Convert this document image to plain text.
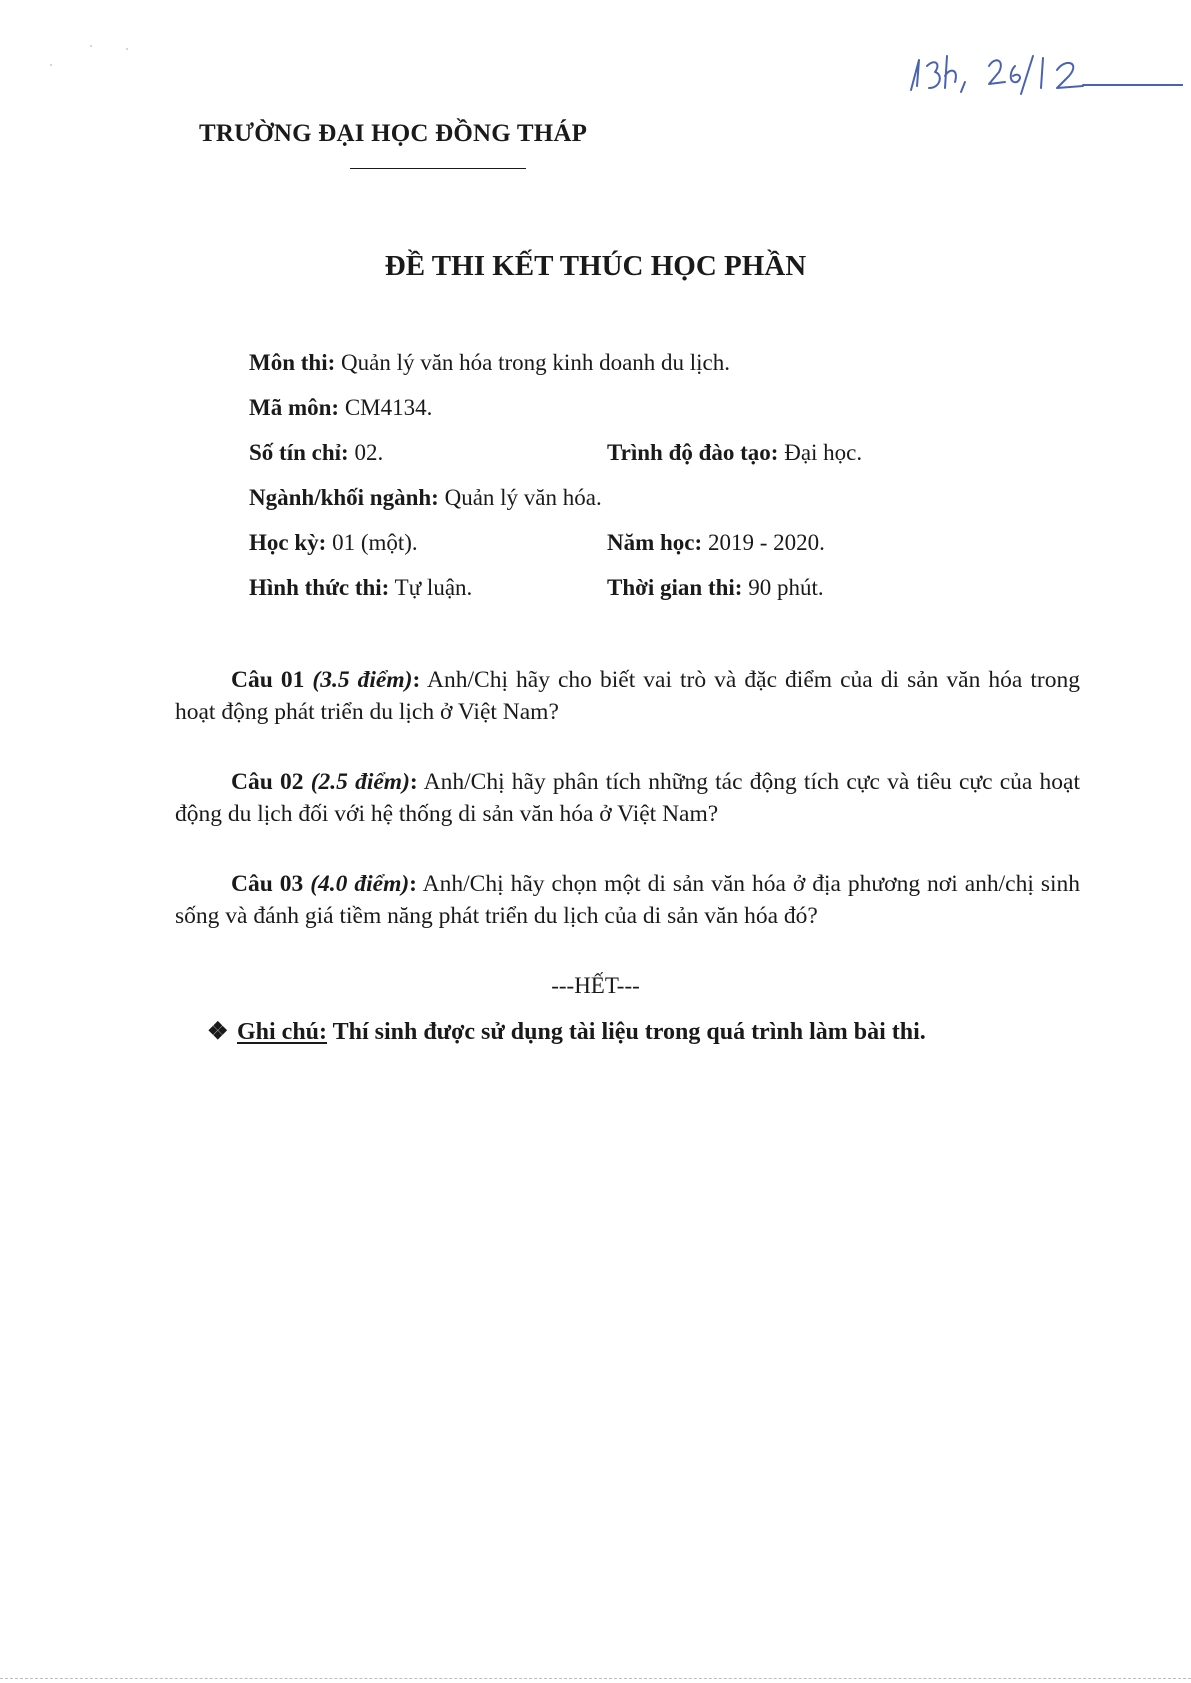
TRƯỜNG ĐẠI HỌC ĐỒNG THÁP
ĐỀ THI KẾT THÚC HỌC PHẦN
Môn thi: Quản lý văn hóa trong kinh doanh du lịch.
Mã môn: CM4134.
Số tín chỉ: 02.	Trình độ đào tạo: Đại học.
Ngành/khối ngành: Quản lý văn hóa.
Học kỳ: 01 (một).	Năm học: 2019 - 2020.
Hình thức thi: Tự luận.	Thời gian thi: 90 phút.
Câu 01 (3.5 điểm): Anh/Chị hãy cho biết vai trò và đặc điểm của di sản văn hóa trong hoạt động phát triển du lịch ở Việt Nam?
Câu 02 (2.5 điểm): Anh/Chị hãy phân tích những tác động tích cực và tiêu cực của hoạt động du lịch đối với hệ thống di sản văn hóa ở Việt Nam?
Câu 03 (4.0 điểm): Anh/Chị hãy chọn một di sản văn hóa ở địa phương nơi anh/chị sinh sống và đánh giá tiềm năng phát triển du lịch của di sản văn hóa đó?
---HẾT---
❖ Ghi chú: Thí sinh được sử dụng tài liệu trong quá trình làm bài thi.
